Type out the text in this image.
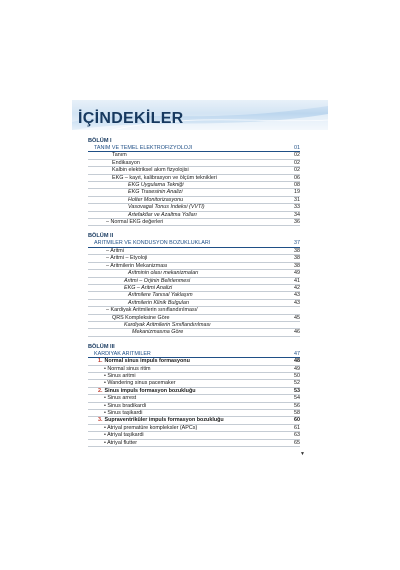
İÇİNDEKİLER
BÖLÜM I
TANIM VE TEMEL ELEKTROFİZYOLOJİ	01
Tanım	02
Endikasyon	02
Kalbin elektriksel akım fizyolojisi	02
EKG – kayıt, kalibrasyon ve ölçüm teknikleri	06
EKG Uygulama Tekniği	08
EKG Trasesinin Analizi	19
Holter Monitorizasyonu	31
Vasovagal Tonus İndeksi (VVTİ)	33
Artefaktlar ve Azaltma Yolları	34
– Normal EKG değerleri	36
BÖLÜM II
ARİTMİLER VE KONDÜSYON BOZUKLUKLARI	37
– Aritmi	38
– Aritmi – Etyoloji	38
– Aritmilerin Mekanizması	38
Aritminin olası mekanizmaları	49
Aritmi – Orjinin Belirlenmesi	41
EKG – Aritmi Analizi	42
Aritmilere Tanısal Yaklaşım	43
Aritmilerin Klinik Bulguları	43
– Kardiyak Aritmilerin sınıflandırılması/
QRS Kompleksine Göre	45
Kardiyak Aritmilerin Sınıflandırılması
Mekanizmasına Göre	46
BÖLÜM III
KARDİYAK ARİTMİLER	47
1. Normal sinus impuls formasyonu	48
• Normal sinus ritim	49
• Sinus aritmi	50
• Wandering sinus pacemaker	52
2. Sinus impuls formasyon bozukluğu	53
• Sinus arrest	54
• Sinus bradikardi	56
• Sinus taşikardi	58
3. Supraventriküler impuls formasyon bozukluğu	60
• Atriyal prematüre kompleksler (APCs)	61
• Atriyal taşikardi	63
• Atriyal flutter	65
▼
